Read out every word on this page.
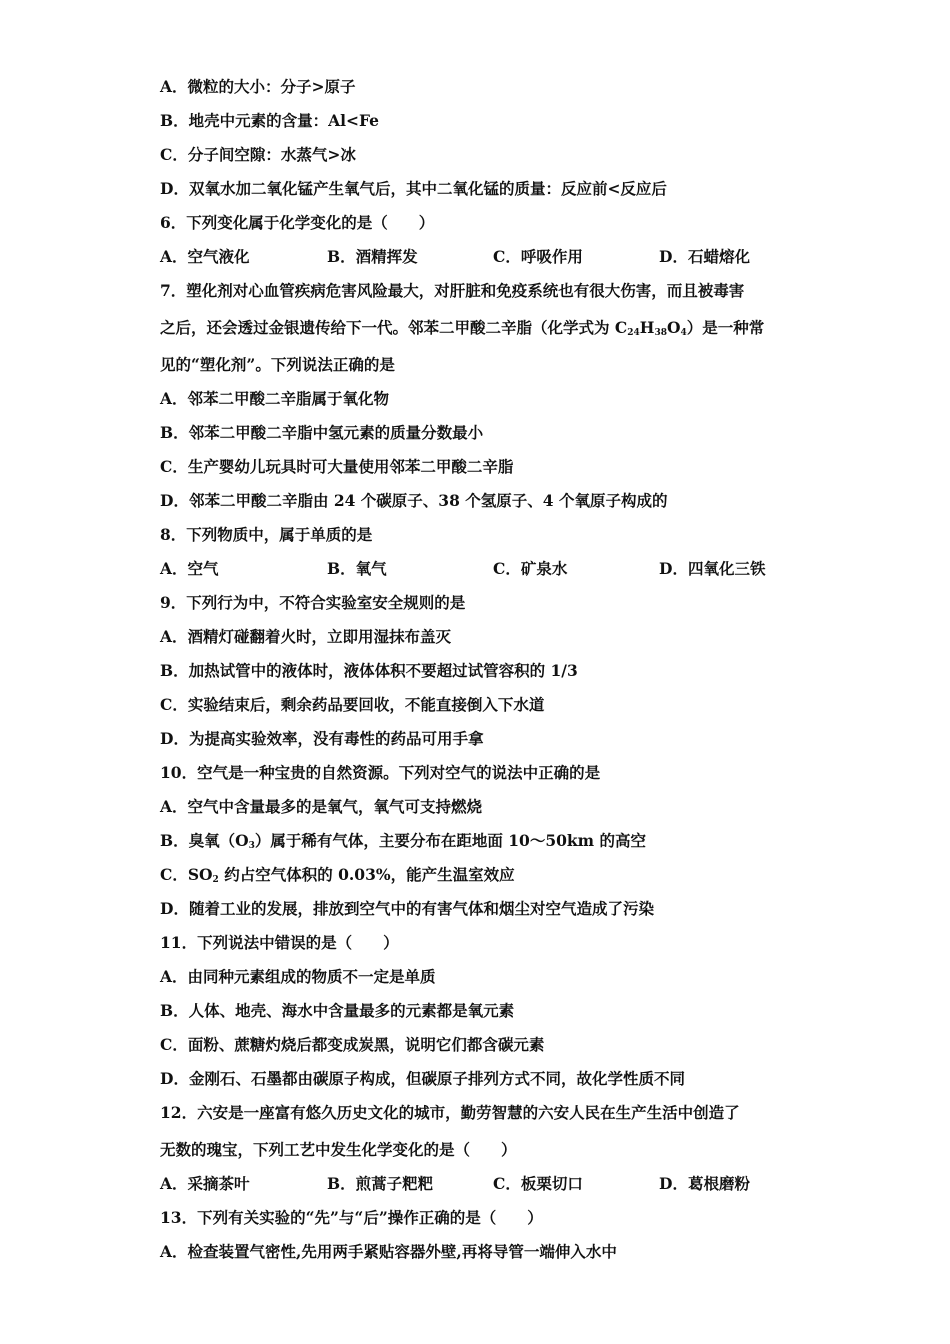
A．微粒的大小：分子>原子
B．地壳中元素的含量：Al<Fe
C．分子间空隙：水蒸气>冰
D．双氧水加二氧化锰产生氧气后，其中二氧化锰的质量：反应前<反应后
6．下列变化属于化学变化的是（　　）
A．空气液化	B．酒精挥发	C．呼吸作用	D．石蜡熔化
7．塑化剂对心血管疾病危害风险最大，对肝脏和免疫系统也有很大伤害，而且被毒害
之后，还会透过金银遗传给下一代。邻苯二甲酸二辛脂（化学式为 $C_{24}H_{38}O_4$）是一种常
见的“塑化剂”。下列说法正确的是
A．邻苯二甲酸二辛脂属于氧化物
B．邻苯二甲酸二辛脂中氢元素的质量分数最小
C．生产婴幼儿玩具时可大量使用邻苯二甲酸二辛脂
D．邻苯二甲酸二辛脂由 24 个碳原子、38 个氢原子、4 个氧原子构成的
8．下列物质中，属于单质的是
A．空气	B．氧气	C．矿泉水	D．四氧化三铁
9．下列行为中，不符合实验室安全规则的是
A．酒精灯碰翻着火时，立即用湿抹布盖灭
B．加热试管中的液体时，液体体积不要超过试管容积的 1/3
C．实验结束后，剩余药品要回收，不能直接倒入下水道
D．为提高实验效率，没有毒性的药品可用手拿
10．空气是一种宝贵的自然资源。下列对空气的说法中正确的是
A．空气中含量最多的是氧气，氧气可支持燃烧
B．臭氧$(O_3)$属于稀有气体，主要分布在距地面 10～50km 的高空
C．$SO_2$ 约占空气体积的 0.03%，能产生温室效应
D．随着工业的发展，排放到空气中的有害气体和烟尘对空气造成了污染
11．下列说法中错误的是（　　）
A．由同种元素组成的物质不一定是单质
B．人体、地壳、海水中含量最多的元素都是氧元素
C．面粉、蔗糖灼烧后都变成炭黑，说明它们都含碳元素
D．金刚石、石墨都由碳原子构成，但碳原子排列方式不同，故化学性质不同
12．六安是一座富有悠久历史文化的城市，勤劳智慧的六安人民在生产生活中创造了
无数的瑰宝，下列工艺中发生化学变化的是（　　）
A．采摘茶叶	B．煎蒿子粑粑	C．板栗切口	D．葛根磨粉
13．下列有关实验的“先”与“后”操作正确的是（　　）
A．检查装置气密性,先用两手紧贴容器外壁,再将导管一端伸入水中
